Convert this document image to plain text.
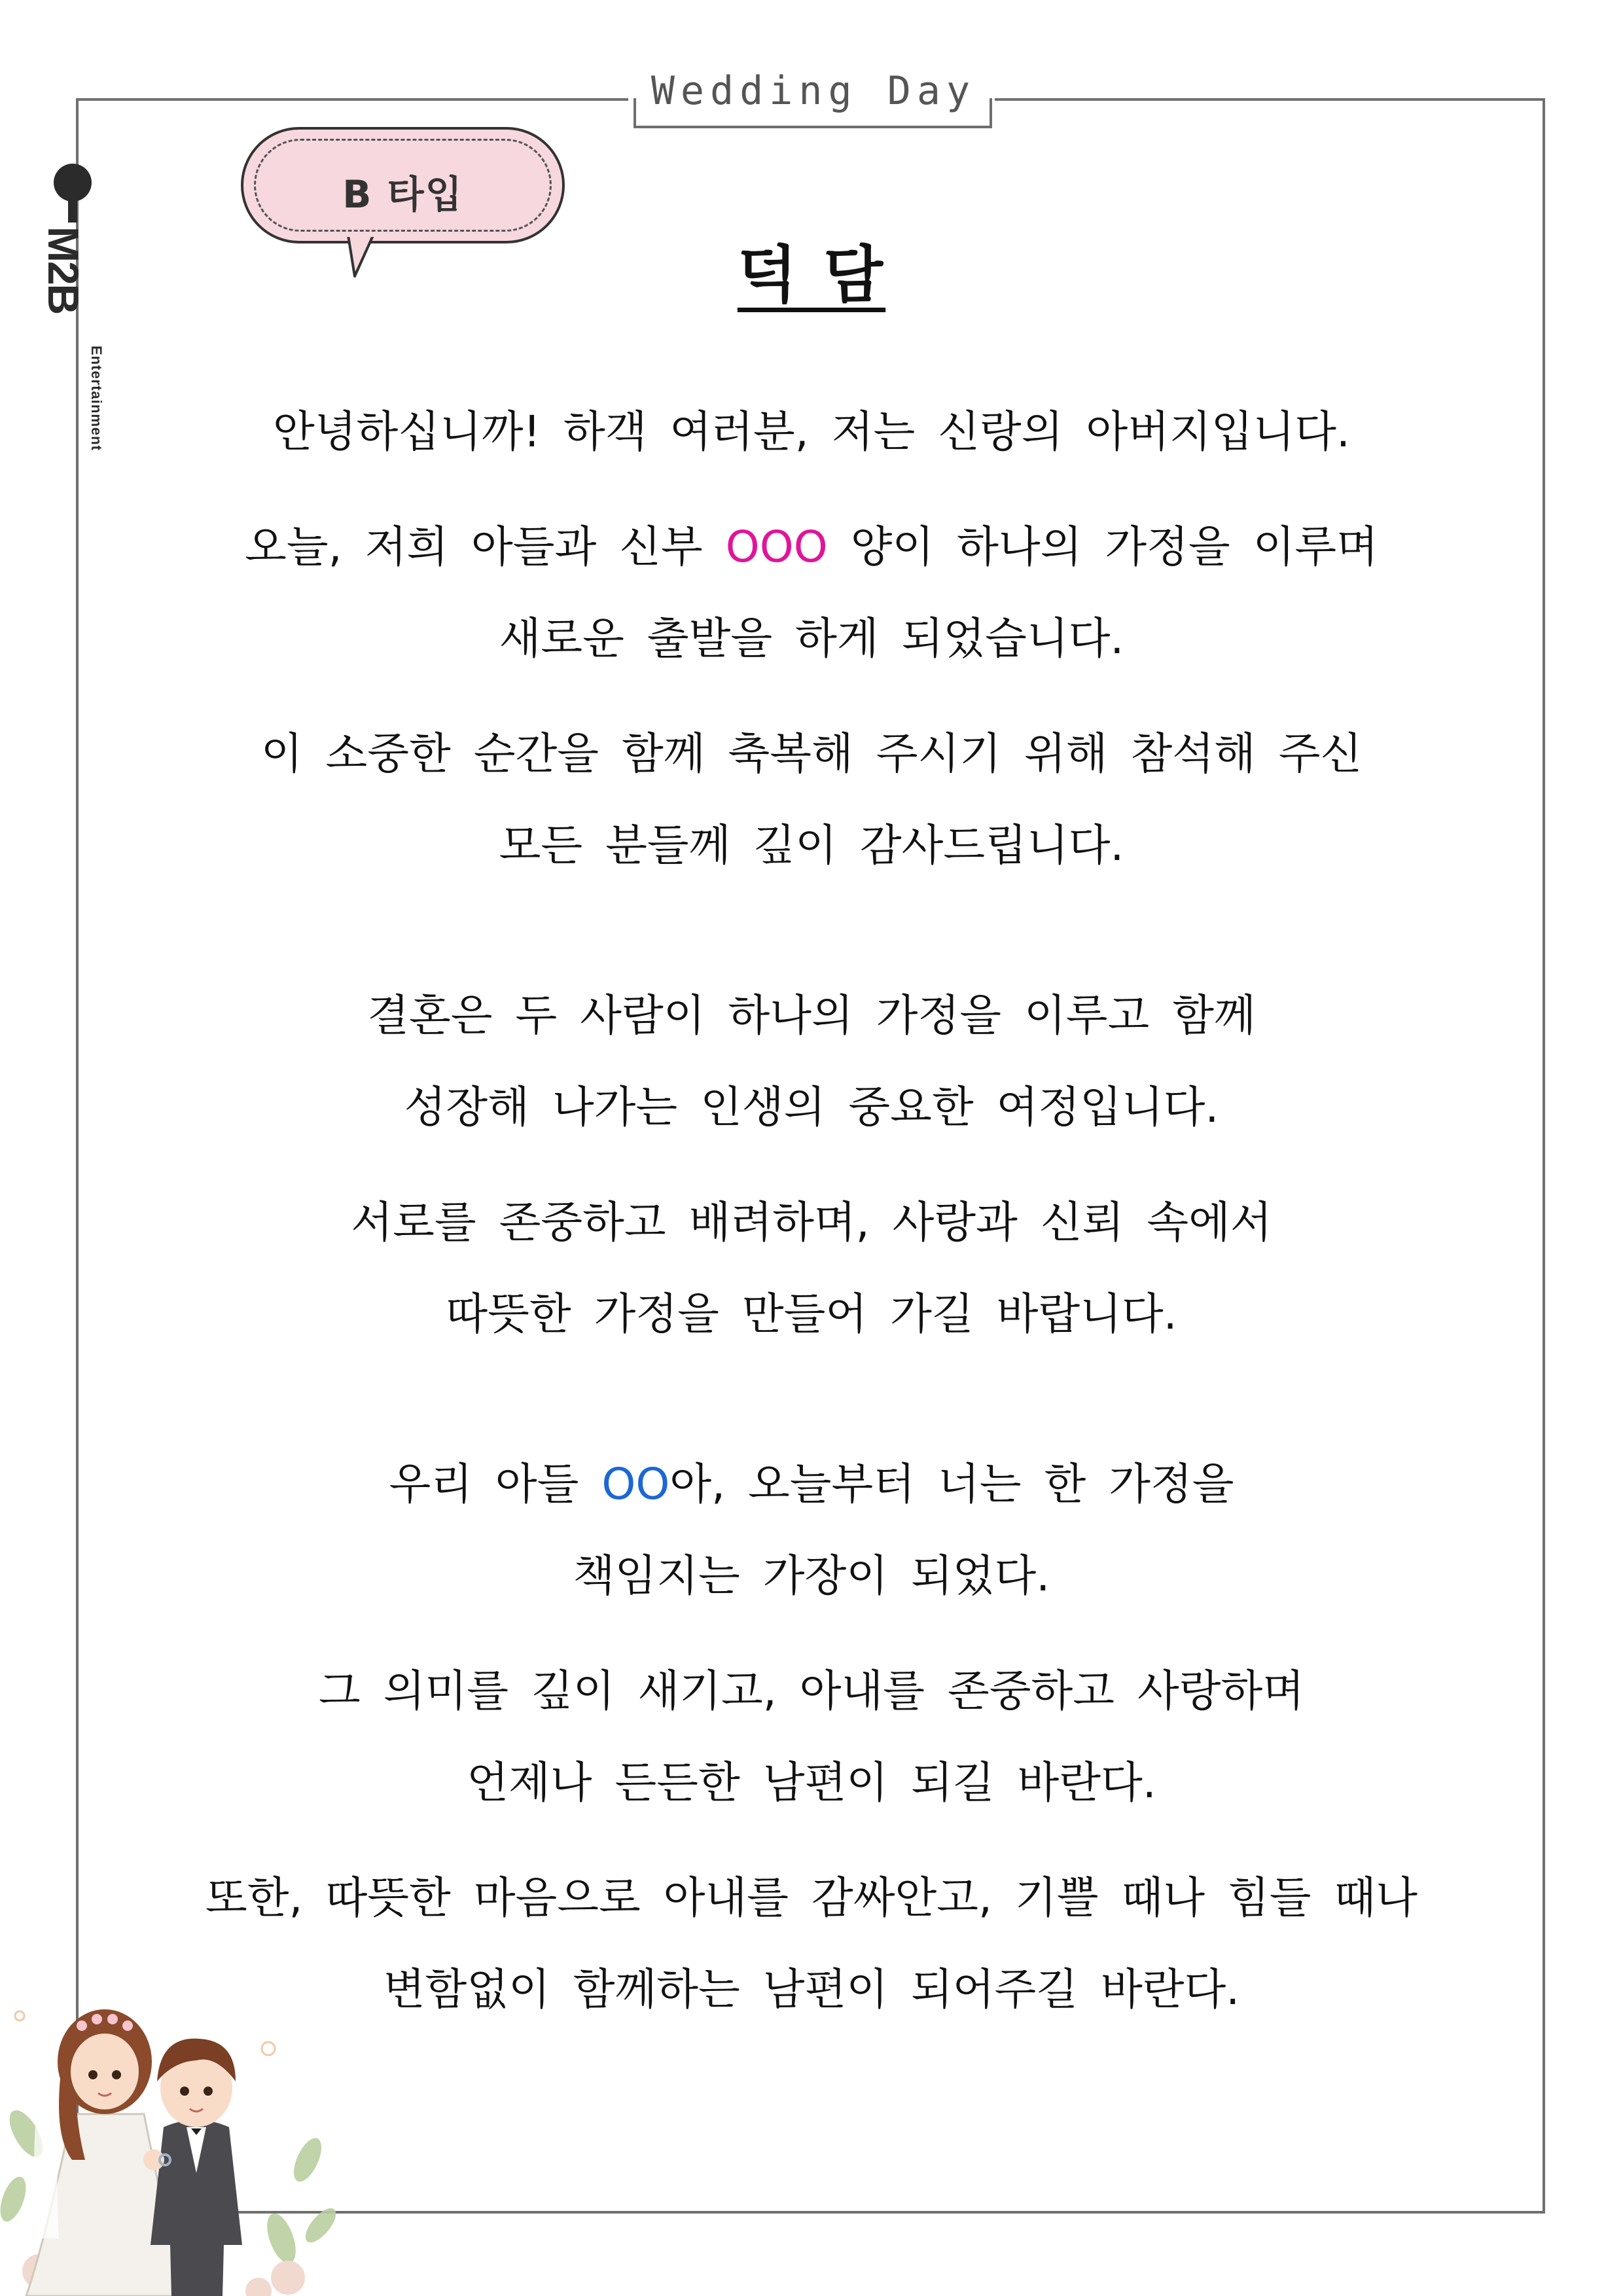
Wedding Day
M2B
Entertainment
B 타입
덕 담
안녕하십니까! 하객 여러분, 저는 신랑의 아버지입니다.
오늘, 저희 아들과 신부 OOO 양이 하나의 가정을 이루며
새로운 출발을 하게 되었습니다.
이 소중한 순간을 함께 축복해 주시기 위해 참석해 주신
모든 분들께 깊이 감사드립니다.
결혼은 두 사람이 하나의 가정을 이루고 함께
성장해 나가는 인생의 중요한 여정입니다.
서로를 존중하고 배려하며, 사랑과 신뢰 속에서
따뜻한 가정을 만들어 가길 바랍니다.
우리 아들 OO아, 오늘부터 너는 한 가정을
책임지는 가장이 되었다.
그 의미를 깊이 새기고, 아내를 존중하고 사랑하며
언제나 든든한 남편이 되길 바란다.
또한, 따뜻한 마음으로 아내를 감싸안고, 기쁠 때나 힘들 때나
변함없이 함께하는 남편이 되어주길 바란다.
